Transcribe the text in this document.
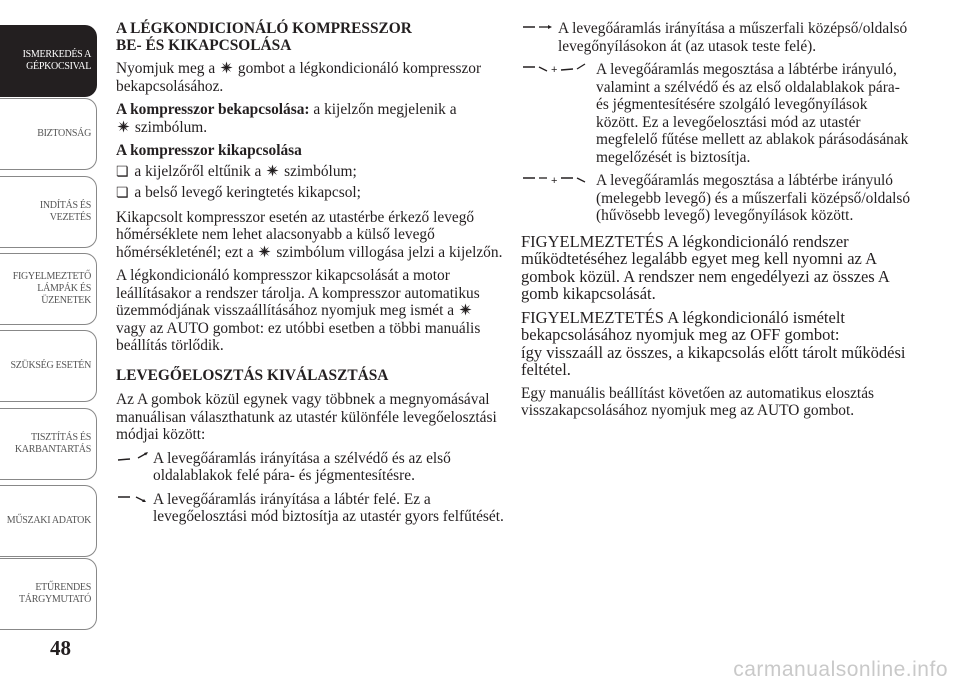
ISMERKEDÉS A
GÉPKOCSIVAL
BIZTONSÁG
INDÍTÁS ÉS
VEZETÉS
FIGYELMEZTETŐ
LÁMPÁK ÉS
ÜZENETEK
SZÜKSÉG ESETÉN
TISZTÍTÁS ÉS
KARBANTARTÁS
MŰSZAKI ADATOK
ETŰRENDES
TÁRGYMUTATÓ
48
carmanualsonline.info
A LÉGKONDICIONÁLÓ KOMPRESSZOR
BE- ÉS KIKAPCSOLÁSA

Nyomjuk meg a gombot a légkondicionáló kompresszor bekapcsolásához.

A kompresszor bekapcsolása: a kijelzőn megjelenik a
szimbólum.

A kompresszor kikapcsolása

❏ a kijelzőről eltűnik a szimbólum;

❏ a belső levegő keringtetés kikapcsol;

Kikapcsolt kompresszor esetén az utastérbe érkező levegő hőmérséklete nem lehet alacsonyabb a külső levegő hőmérsékleténél; ezt a szimbólum villogása jelzi a kijelzőn.

A légkondicionáló kompresszor kikapcsolását a motor leállításakor a rendszer tárolja. A kompresszor automatikus üzemmódjának visszaállításához nyomjuk meg ismét a  vagy az AUTO gombot: ez utóbbi esetben a többi manuális beállítás törlődik.

LEVEGŐELOSZTÁS KIVÁLASZTÁSA

Az A gombok közül egynek vagy többnek a megnyomásával manuálisan választhatunk az utastér különféle levegőelosztási módjai között:

A levegőáramlás irányítása a szélvédő és az első oldalablakok felé pára- és jégmentesítésre.
A levegőáramlás irányítása a lábtér felé. Ez a levegőelosztási mód biztosítja az utastér gyors felfűtését.
A levegőáramlás irányítása a műszerfali középső/oldalsó levegőnyílásokon át (az utasok teste felé).
+	A levegőáramlás megosztása a lábtérbe irányuló, valamint a szélvédő és az első oldalablakok pára- és jégmentesítésére szolgáló levegőnyílások között. Ez a levegőelosztási mód az utastér megfelelő fűtése mellett az ablakok párásodásának megelőzését is biztosítja.
+	A levegőáramlás megosztása a lábtérbe irányuló (melegebb levegő) és a műszerfali középső/oldalsó (hűvösebb levegő) levegőnyílások között.

FIGYELMEZTETÉS A légkondicionáló rendszer működtetéséhez legalább egyet meg kell nyomni az A gombok közül. A rendszer nem engedélyezi az összes A gomb kikapcsolását.

FIGYELMEZTETÉS A légkondicionáló ismételt bekapcsolásához nyomjuk meg az OFF gombot:
így visszaáll az összes, a kikapcsolás előtt tárolt működési feltétel.

Egy manuális beállítást követően az automatikus elosztás visszakapcsolásához nyomjuk meg az AUTO gombot.
